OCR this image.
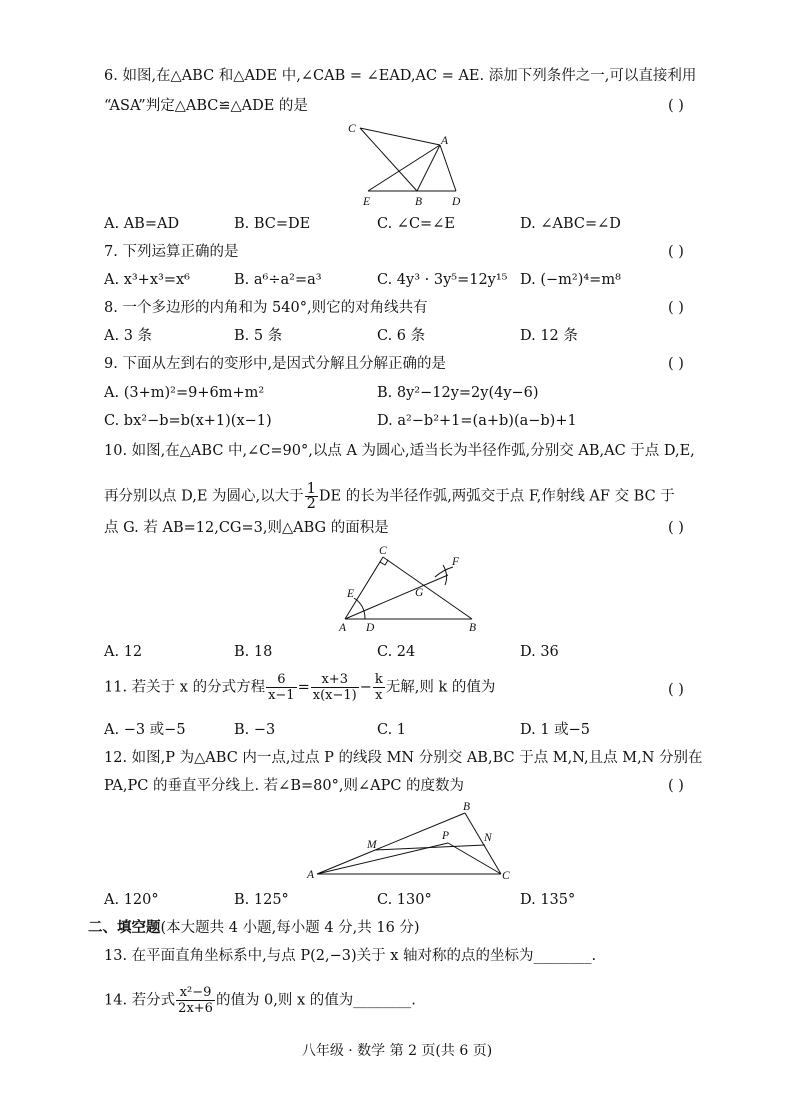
6. 如图,在△ABC 和△ADE 中,∠CAB = ∠EAD,AC = AE. 添加下列条件之一,可以直接利用
“ASA”判定△ABC≌△ADE 的是	( )
C
A
E	B	D
A. AB=AD	B. BC=DE	C. ∠C=∠E	D. ∠ABC=∠D
7. 下列运算正确的是	( )
A. x³+x³=x⁶	B. a⁶÷a²=a³	C. 4y³ · 3y⁵=12y¹⁵ D. (−m²)⁴=m⁸
8. 一个多边形的内角和为 540°,则它的对角线共有	( )
A. 3 条	B. 5 条	C. 6 条	D. 12 条
9. 下面从左到右的变形中,是因式分解且分解正确的是	( )
A. (3+m)²=9+6m+m²	B. 8y²−12y=2y(4y−6)
C. bx²−b=b(x+1)(x−1)	D. a²−b²+1=(a+b)(a−b)+1
10. 如图,在△ABC 中,∠C=90°,以点 A 为圆心,适当长为半径作弧,分别交 AB,AC 于点 D,E,
再分别以点 D,E 为圆心,以大于 $\frac{1}{2}$ DE 的长为半径作弧,两弧交于点 F,作射线 AF 交 BC 于
点 G. 若 AB=12,CG=3,则△ABG 的面积是	( )
C
F
E	G
A D	B
A. 12	B. 18	C. 24	D. 36
11. 若关于 x 的分式方程 $\frac{6}{x-1} = \frac{x+3}{x(x-1)} - \frac{k}{x}$ 无解,则 k 的值为	( )
A. −3 或−5	B. −3	C. 1	D. 1 或−5
12. 如图,P 为△ABC 内一点,过点 P 的线段 MN 分别交 AB,BC 于点 M,N,且点 M,N 分别在
PA,PC 的垂直平分线上. 若∠B=80°,则∠APC 的度数为	( )
B
M
P	N
A	C
A. 120°	B. 125°	C. 130°	D. 135°
二、填空题(本大题共 4 小题,每小题 4 分,共 16 分)
13. 在平面直角坐标系中,与点 P(2,−3)关于 x 轴对称的点的坐标为________.
14. 若分式 $\frac{\text{x²−9}}{2x+6}$ 的值为 0,则 x 的值为________.
八年级 · 数学 第 2 页(共 6 页)
